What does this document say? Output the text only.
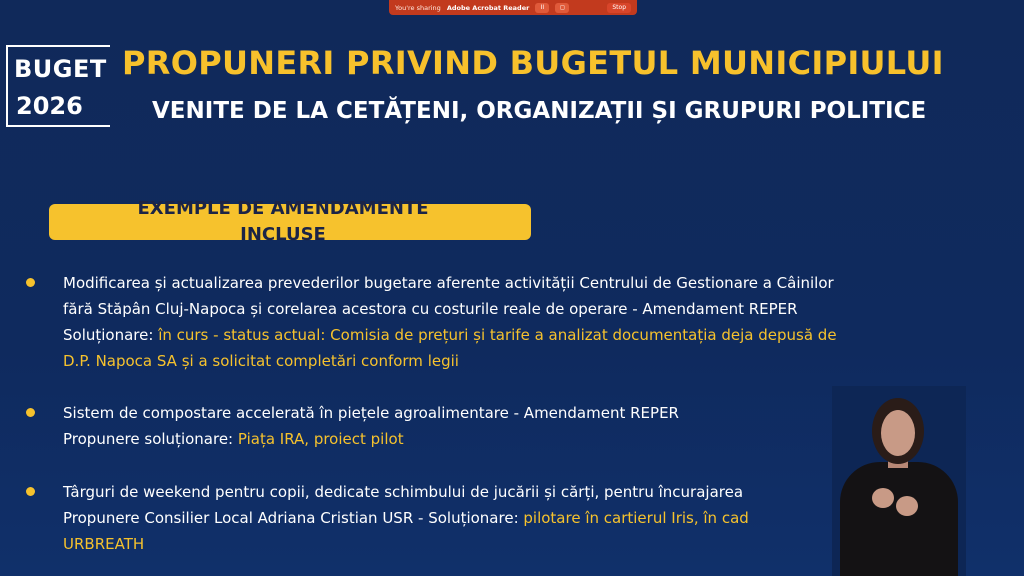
You're sharing Adobe Acrobat Reader	II	◻	Stop
BUGET
2026
PROPUNERI PRIVIND BUGETUL MUNICIPIULUI
VENITE DE LA CETĂȚENI, ORGANIZAȚII ȘI GRUPURI POLITICE
EXEMPLE DE AMENDAMENTE
INCLUSE
Modificarea și actualizarea prevederilor bugetare aferente activității Centrului de Gestionare a Câinilor
fără Stăpân Cluj-Napoca și corelarea acestora cu costurile reale de operare - Amendament REPER
Soluționare: în curs - status actual: Comisia de prețuri și tarife a analizat documentația deja depusă de
D.P. Napoca SA și a solicitat completări conform legii
Sistem de compostare accelerată în piețele agroalimentare - Amendament REPER
Propunere soluționare: Piața IRA, proiect pilot
Târguri de weekend pentru copii, dedicate schimbului de jucării și cărți, pentru încurajarea
Propunere Consilier Local Adriana Cristian USR - Soluționare: pilotare în cartierul Iris, în cad
URBREATH
